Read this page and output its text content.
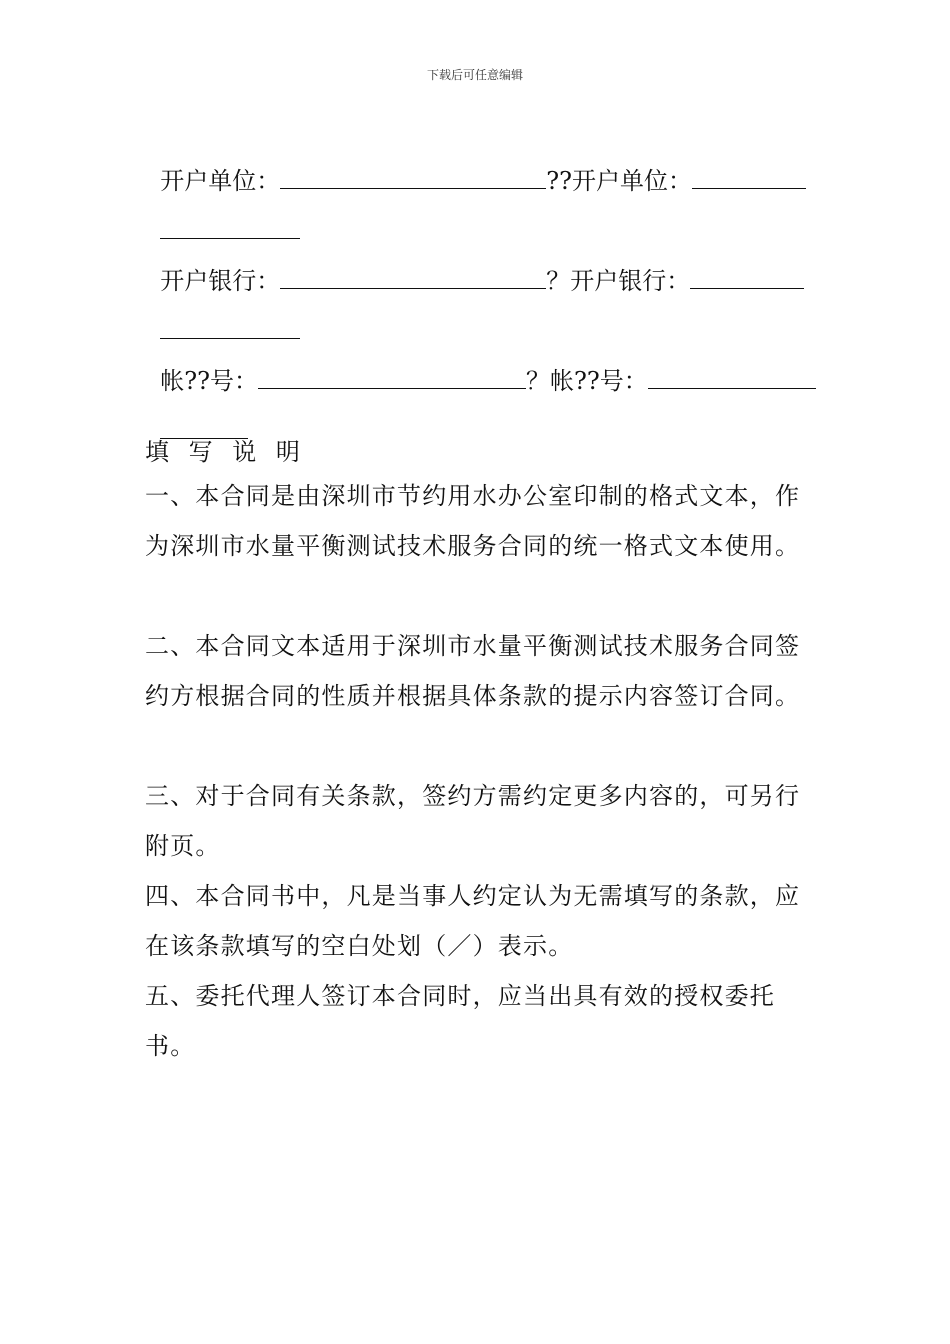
下载后可任意编辑

开户单位：	??开户单位：

开户银行：	？开户银行：

帐??号：	？帐??号：

填 写 说 明
一、本合同是由深圳市节约用水办公室印制的格式文本，作为深圳市水量平衡测试技术服务合同的统一格式文本使用。
二、本合同文本适用于深圳市水量平衡测试技术服务合同签约方根据合同的性质并根据具体条款的提示内容签订合同。
三、对于合同有关条款，签约方需约定更多内容的，可另行附页。
四、本合同书中，凡是当事人约定认为无需填写的条款，应在该条款填写的空白处划（／）表示。
五、委托代理人签订本合同时，应当出具有效的授权委托书。
